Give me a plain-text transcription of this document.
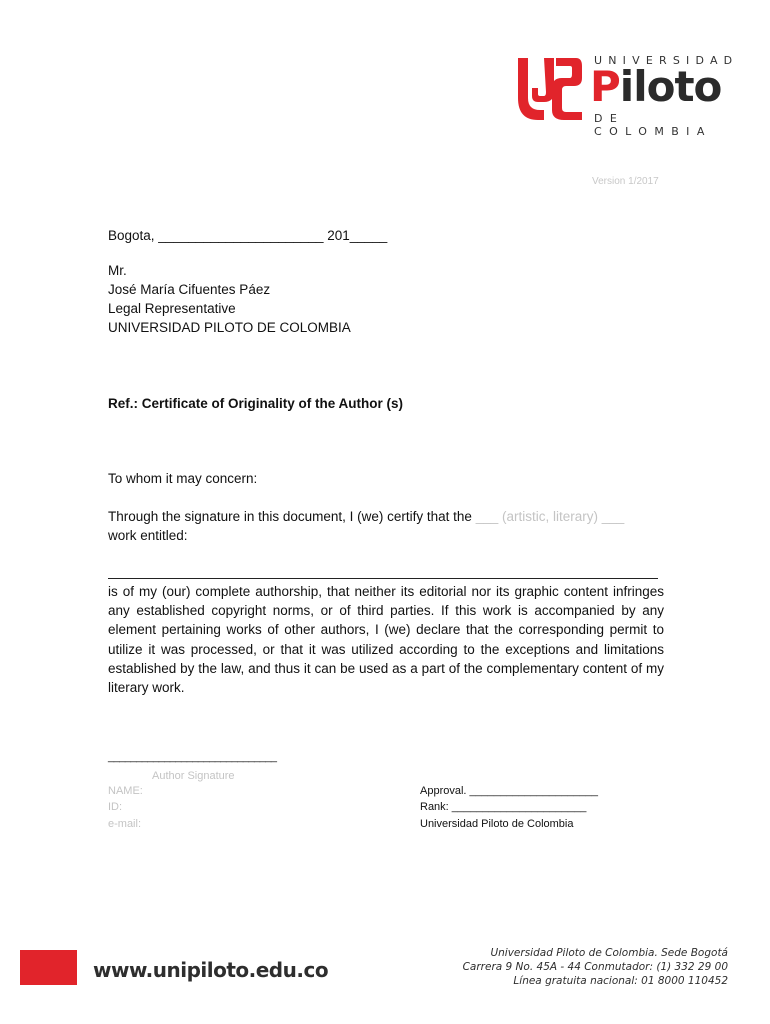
UNIVERSIDAD
Piloto
DE COLOMBIA
Version 1/2017
Bogota, ______________________ 201_____
Mr.
José María Cifuentes Páez
Legal Representative
UNIVERSIDAD PILOTO DE COLOMBIA
Ref.: Certificate of Originality of the Author (s)
To whom it may concern:
Through the signature in this document, I (we) certify that the ___ (artistic, literary) ___
work entitled:
is of my (our) complete authorship, that neither its editorial nor its graphic content infringes any established copyright norms, or of third parties. If this work is accompanied by any element pertaining works of other authors, I (we) declare that the corresponding permit to utilize it was processed, or that it was utilized according to the exceptions and limitations established by the law, and thus it can be used as a part of the complementary content of my literary work.
______________________________
Author Signature
NAME:
ID:
e-mail:
Approval. _____________________
Rank: ______________________
Universidad Piloto de Colombia
www.unipiloto.edu.co
Universidad Piloto de Colombia. Sede Bogotá
Carrera 9 No. 45A - 44 Conmutador: (1) 332 29 00
Línea gratuita nacional: 01 8000 110452
